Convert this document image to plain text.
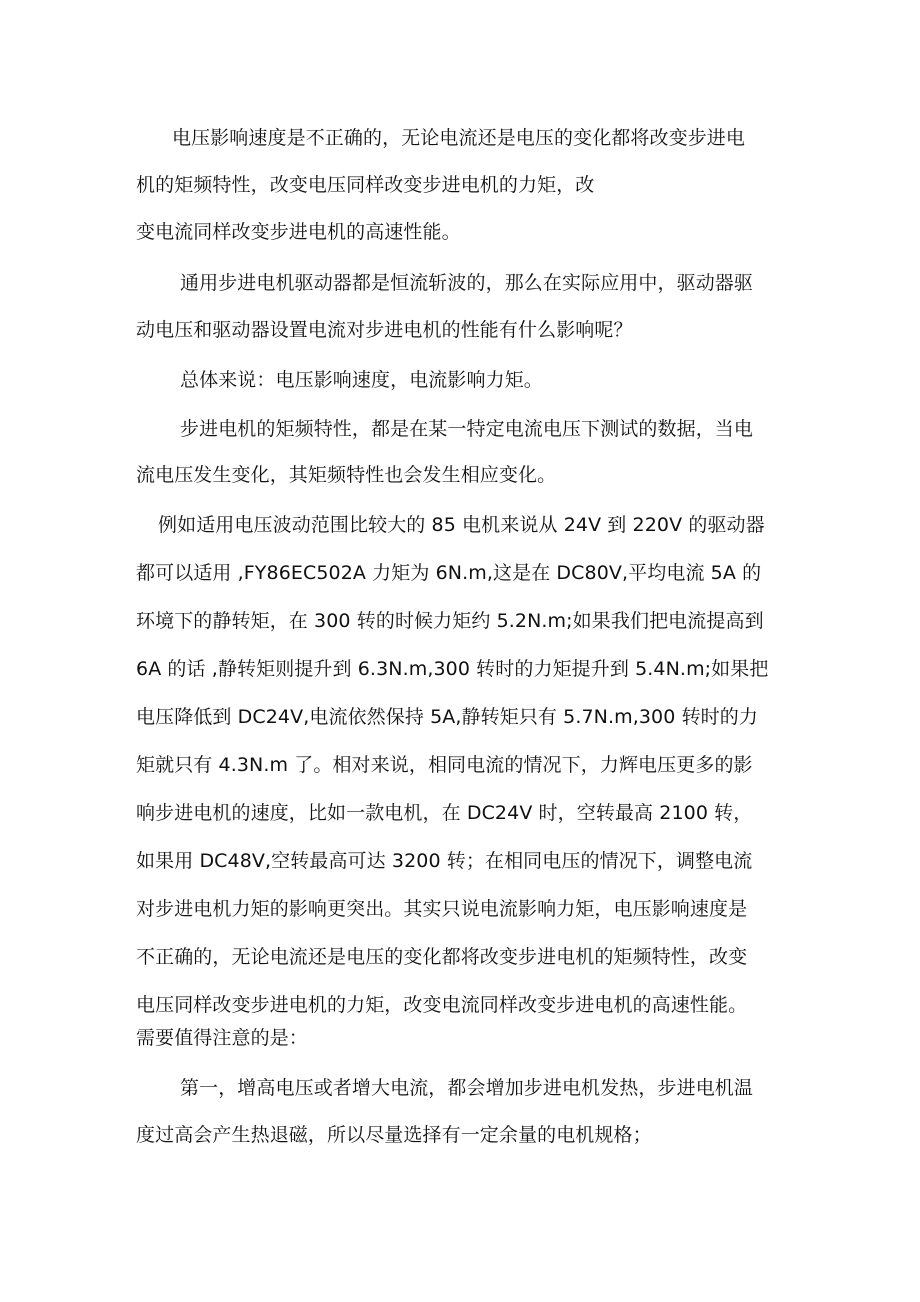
电压影响速度是不正确的，无论电流还是电压的变化都将改变步进电
机的矩频特性，改变电压同样改变步进电机的力矩，改
变电流同样改变步进电机的高速性能。
通用步进电机驱动器都是恒流斩波的，那么在实际应用中，驱动器驱
动电压和驱动器设置电流对步进电机的性能有什么影响呢？
总体来说：电压影响速度，电流影响力矩。
步进电机的矩频特性，都是在某一特定电流电压下测试的数据，当电
流电压发生变化，其矩频特性也会发生相应变化。
例如适用电压波动范围比较大的 85 电机来说从 24V 到 220V 的驱动器
都可以适用 ,FY86EC502A 力矩为 6N.m,这是在 DC80V,平均电流 5A 的
环境下的静转矩，在 300 转的时候力矩约 5.2N.m;如果我们把电流提高到
6A 的话 ,静转矩则提升到 6.3N.m,300 转时的力矩提升到 5.4N.m;如果把
电压降低到 DC24V,电流依然保持 5A,静转矩只有 5.7N.m,300 转时的力
矩就只有 4.3N.m 了。相对来说，相同电流的情况下，力辉电压更多的影
响步进电机的速度，比如一款电机，在 DC24V 时，空转最高 2100 转，
如果用 DC48V,空转最高可达 3200 转；在相同电压的情况下，调整电流
对步进电机力矩的影响更突出。其实只说电流影响力矩，电压影响速度是
不正确的，无论电流还是电压的变化都将改变步进电机的矩频特性，改变
电压同样改变步进电机的力矩，改变电流同样改变步进电机的高速性能。
需要值得注意的是：
第一，增高电压或者增大电流，都会增加步进电机发热，步进电机温
度过高会产生热退磁，所以尽量选择有一定余量的电机规格；
